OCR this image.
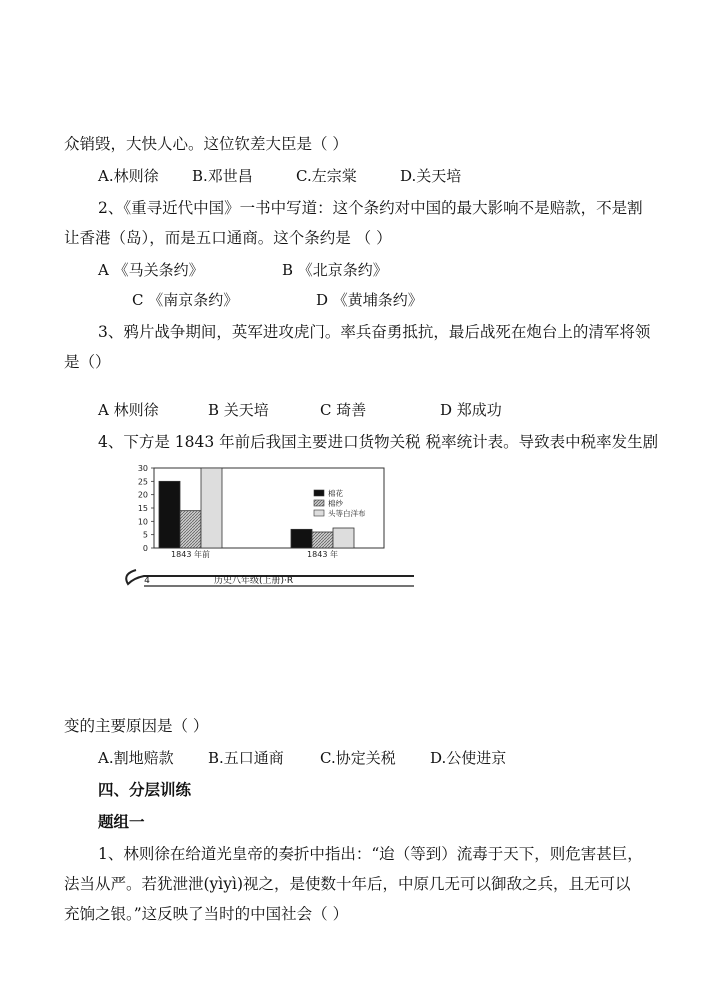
众销毁，大快人心。这位钦差大臣是（ ）
A.林则徐 B.邓世昌	C.左宗棠	D.关天培
2、《重寻近代中国》一书中写道：这个条约对中国的最大影响不是赔款，不是割
让香港（岛），而是五口通商。这个条约是 （ ）
A 《马关条约》	B 《北京条约》
C 《南京条约》	D 《黄埔条约》
3、鸦片战争期间，英军进攻虎门。率兵奋勇抵抗，最后战死在炮台上的清军将领
是（）
A 林则徐	B 关天培	C 琦善	D 郑成功
4、下方是 1843 年前后我国主要进口货物关税 税率统计表。导致表中税率发生剧
0
5
10
15
20
25
30
1843 年前	1843 年
棉花
棉纱
头等白洋布
4	历史八年级(上册)·R
变的主要原因是（ ）
A.割地赔款 B.五口通商 C.协定关税 D.公使进京
四、分层训练
题组一
1、林则徐在给道光皇帝的奏折中指出：“迨（等到）流毒于天下，则危害甚巨，
法当从严。若犹泄泄(yìyì)视之，是使数十年后，中原几无可以御敌之兵，且无可以
充饷之银。”这反映了当时的中国社会（ ）
